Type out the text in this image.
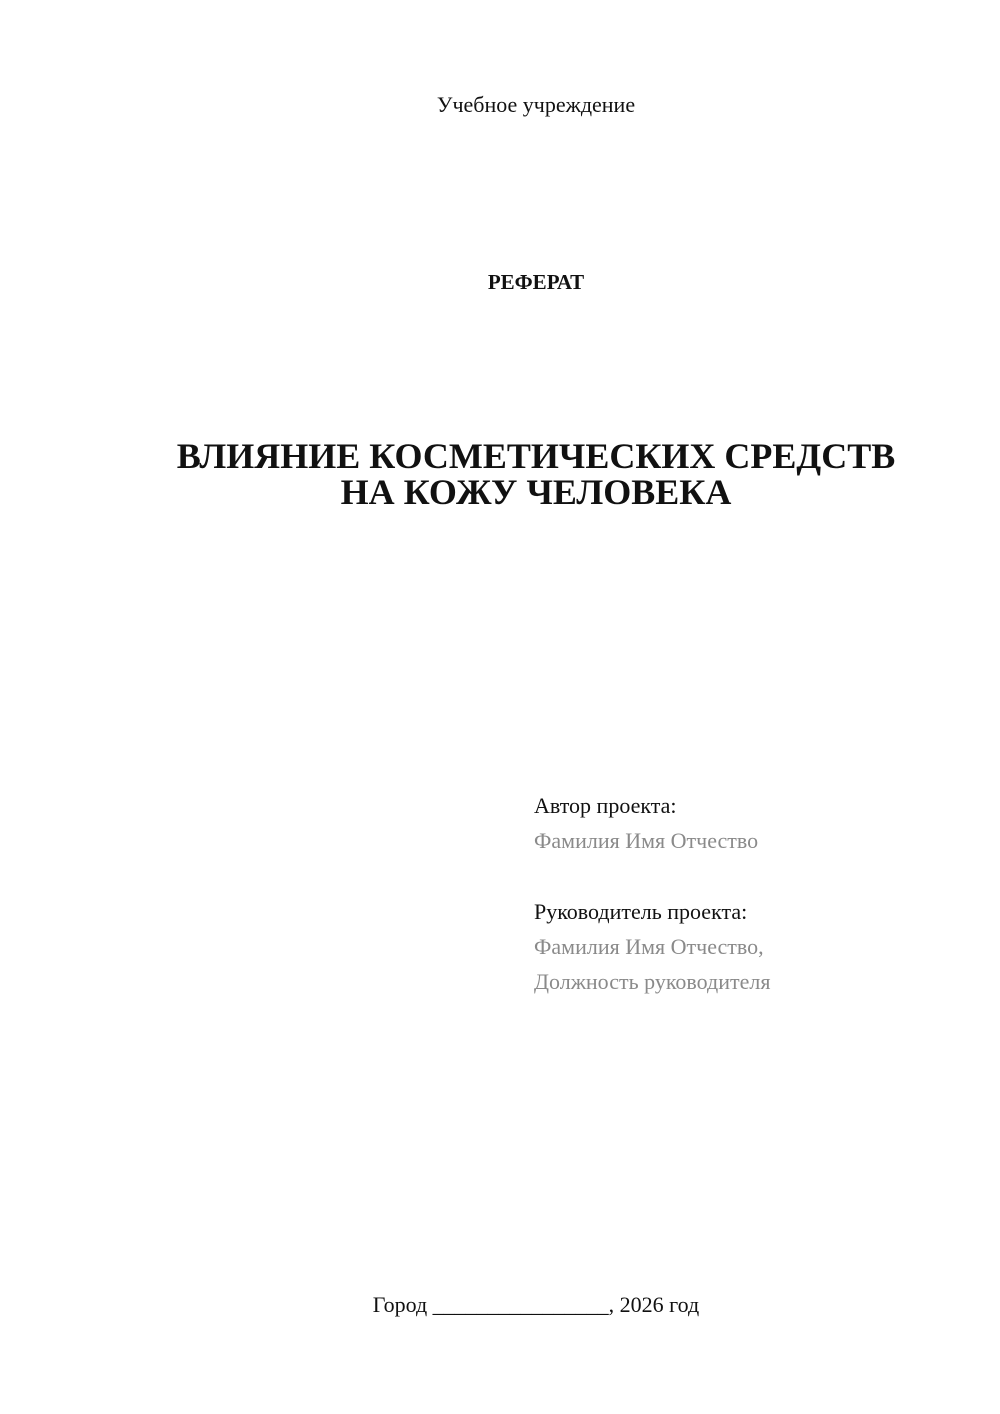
Учебное учреждение
РЕФЕРАТ
ВЛИЯНИЕ КОСМЕТИЧЕСКИХ СРЕДСТВ
НА КОЖУ ЧЕЛОВЕКА
Автор проекта:
Фамилия Имя Отчество
Руководитель проекта:
Фамилия Имя Отчество,
Должность руководителя
Город ________________, 2026 год
